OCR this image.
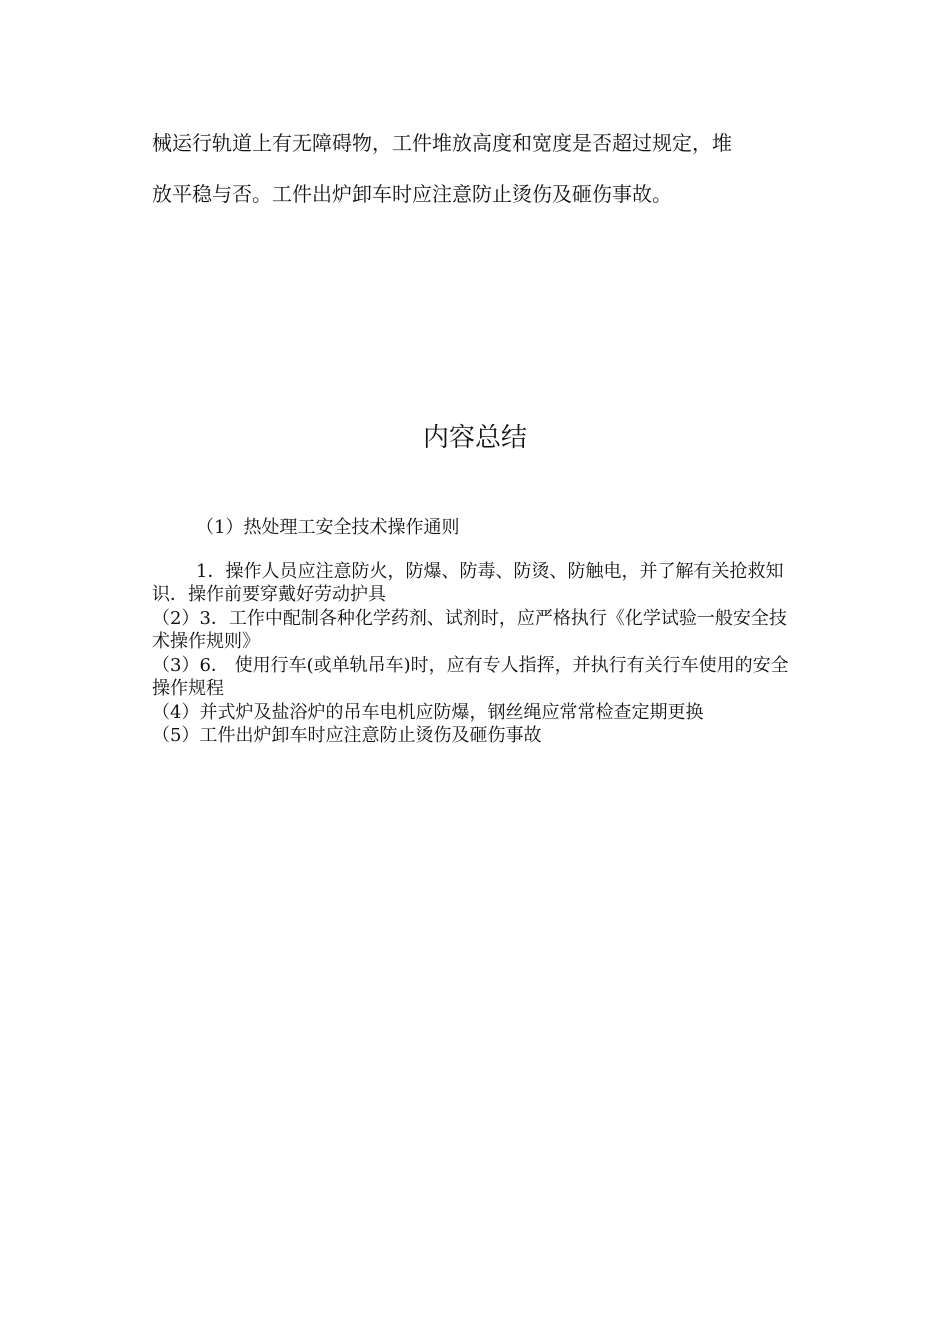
械运行轨道上有无障碍物，工件堆放高度和宽度是否超过规定，堆

放平稳与否。工件出炉卸车时应注意防止烫伤及砸伤事故。

内容总结

（1）热处理工安全技术操作通则

1．操作人员应注意防火，防爆、防毒、防烫、防触电，并了解有关抢救知识．操作前要穿戴好劳动护具

（2）3．工作中配制各种化学药剂、试剂时，应严格执行《化学试验一般安全技术操作规则》

（3）6． 使用行车(或单轨吊车)时，应有专人指挥，并执行有关行车使用的安全操作规程

（4）并式炉及盐浴炉的吊车电机应防爆，钢丝绳应常常检查定期更换

（5）工件出炉卸车时应注意防止烫伤及砸伤事故
